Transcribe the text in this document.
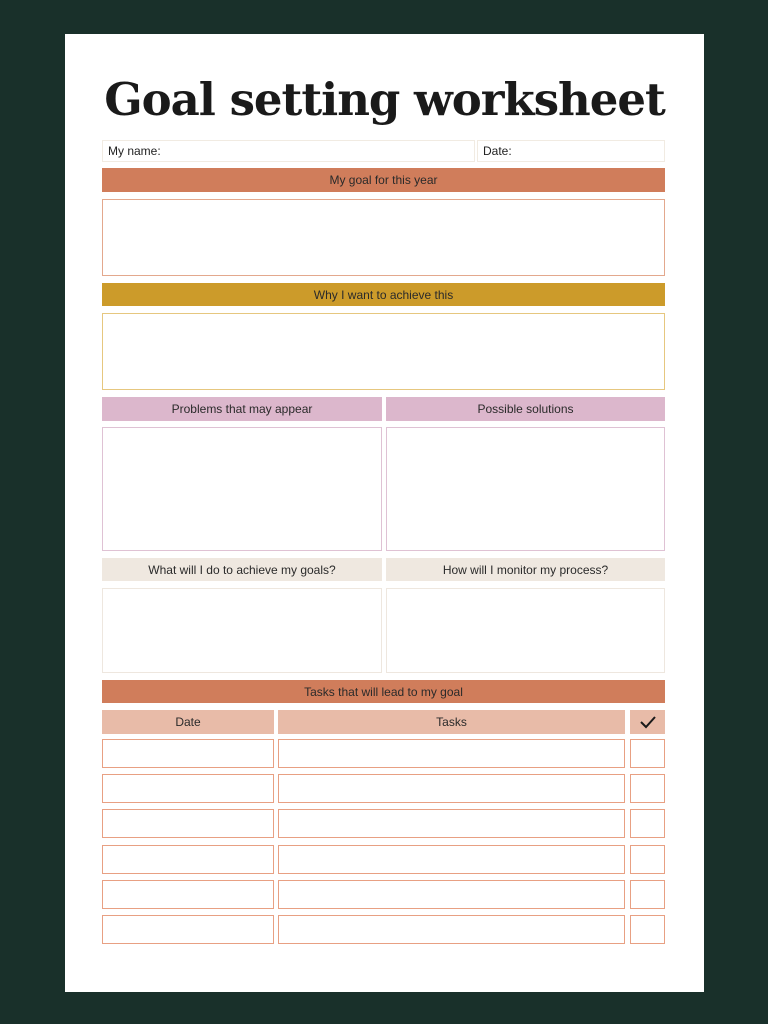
Goal setting worksheet
My name:	Date:
My goal for this year
Why I want to achieve this
Problems that may appear	Possible solutions
What will I do to achieve my goals?	How will I monitor my process?
Tasks that will lead to my goal
Date	Tasks
